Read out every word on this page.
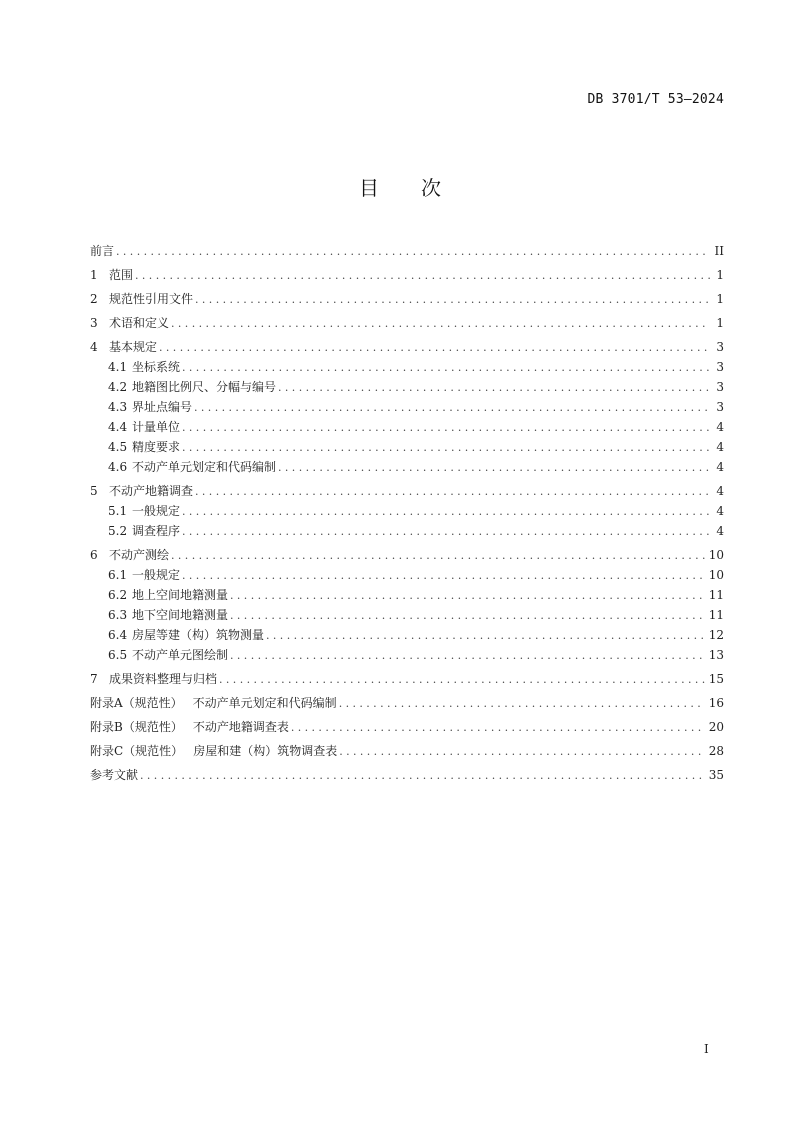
DB 3701/T 53—2024
目 次
前言 .....	II
1 范围 .....	1
2 规范性引用文件 .....	1
3 术语和定义 .....	1
4 基本规定 .....	3
4.1 坐标系统 .....	3
4.2 地籍图比例尺、分幅与编号 .....	3
4.3 界址点编号 .....	3
4.4 计量单位 .....	4
4.5 精度要求 .....	4
4.6 不动产单元划定和代码编制 .....	4
5 不动产地籍调查 .....	4
5.1 一般规定 .....	4
5.2 调查程序 .....	4
6 不动产测绘 .....	10
6.1 一般规定 .....	10
6.2 地上空间地籍测量 .....	11
6.3 地下空间地籍测量 .....	11
6.4 房屋等建（构）筑物测量 .....	12
6.5 不动产单元图绘制 .....	13
7 成果资料整理与归档 .....	15
附录A（规范性） 不动产单元划定和代码编制 .....	16
附录B（规范性） 不动产地籍调查表 .....	20
附录C（规范性） 房屋和建（构）筑物调查表 .....	28
参考文献 .....	35
I
